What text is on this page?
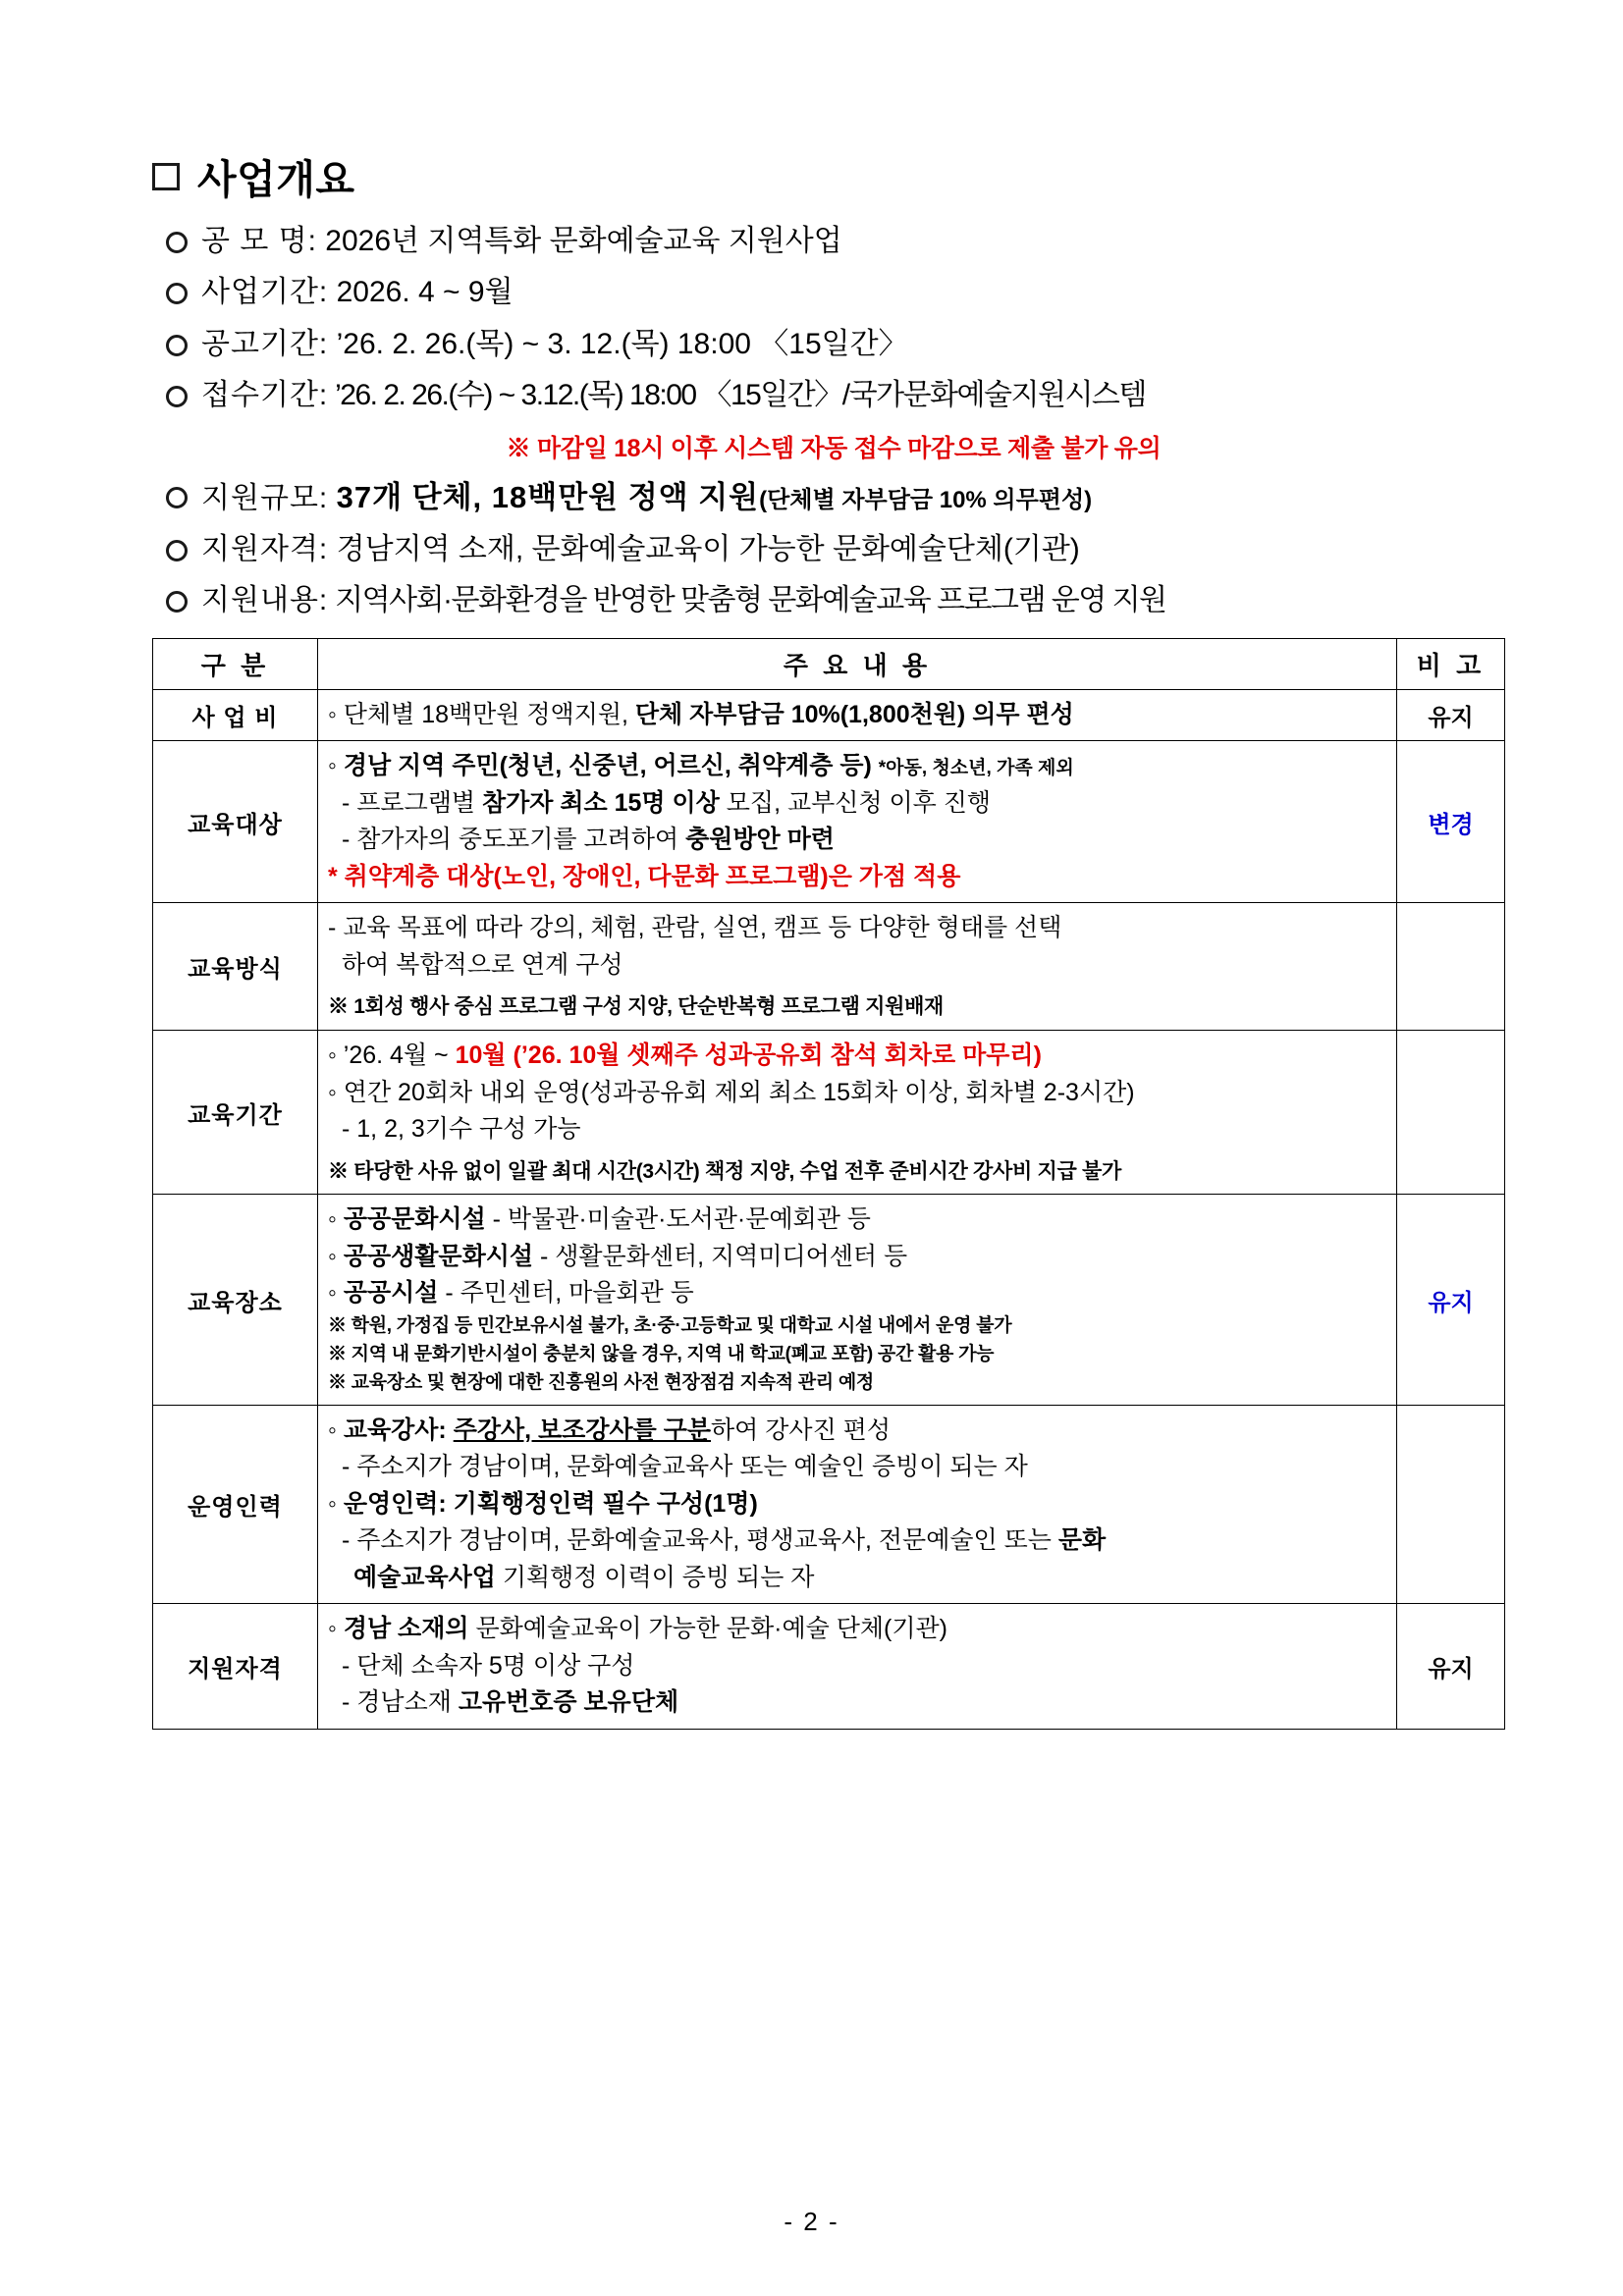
사업개요
공 모 명: 2026년 지역특화 문화예술교육 지원사업
사업기간: 2026. 4 ~ 9월
공고기간: ’26. 2. 26.(목) ~ 3. 12.(목) 18:00 〈15일간〉
접수기간: ’26. 2. 26.(수) ~ 3.12.(목) 18:00 〈15일간〉/국가문화예술지원시스템
※ 마감일 18시 이후 시스템 자동 접수 마감으로 제출 불가 유의
지원규모: 37개 단체, 18백만원 정액 지원(단체별 자부담금 10% 의무편성)
지원자격: 경남지역 소재, 문화예술교육이 가능한 문화예술단체(기관)
지원내용: 지역사회·문화환경을 반영한 맞춤형 문화예술교육 프로그램 운영 지원
구 분	주 요 내 용	비 고
사 업 비	◦ 단체별 18백만원 정액지원, 단체 자부담금 10%(1,800천원) 의무 편성	유지
교육대상	◦ 경남 지역 주민(청년, 신중년, 어르신, 취약계층 등) *아동, 청소년, 가족 제외
- 프로그램별 참가자 최소 15명 이상 모집, 교부신청 이후 진행
- 참가자의 중도포기를 고려하여 충원방안 마련
* 취약계층 대상(노인, 장애인, 다문화 프로그램)은 가점 적용	변경
교육방식	- 교육 목표에 따라 강의, 체험, 관람, 실연, 캠프 등 다양한 형태를 선택
하여 복합적으로 연계 구성
※ 1회성 행사 중심 프로그램 구성 지양, 단순반복형 프로그램 지원배재	

교육기간	◦ ’26. 4월 ~ 10월 (’26. 10월 셋째주 성과공유회 참석 회차로 마무리)
◦ 연간 20회차 내외 운영(성과공유회 제외 최소 15회차 이상, 회차별 2-3시간)
- 1, 2, 3기수 구성 가능
※ 타당한 사유 없이 일괄 최대 시간(3시간) 책정 지양, 수업 전후 준비시간 강사비 지급 불가	

교육장소	
◦ 공공문화시설 - 박물관·미술관·도서관·문예회관 등
◦ 공공생활문화시설 - 생활문화센터, 지역미디어센터 등
◦ 공공시설 - 주민센터, 마을회관 등
※ 학원, 가정집 등 민간보유시설 불가, 초·중·고등학교 및 대학교 시설 내에서 운영 불가
※ 지역 내 문화기반시설이 충분치 않을 경우, 지역 내 학교(폐교 포함) 공간 활용 가능
※ 교육장소 및 현장에 대한 진흥원의 사전 현장점검 지속적 관리 예정
	유지
운영인력	◦ 교육강사: 주강사, 보조강사를 구분하여 강사진 편성
- 주소지가 경남이며, 문화예술교육사 또는 예술인 증빙이 되는 자
◦ 운영인력: 기획행정인력 필수 구성(1명)
- 주소지가 경남이며, 문화예술교육사, 평생교육사, 전문예술인 또는 문화
예술교육사업 기획행정 이력이 증빙 되는 자	

지원자격	◦ 경남 소재의 문화예술교육이 가능한 문화·예술 단체(기관)
- 단체 소속자 5명 이상 구성
- 경남소재 고유번호증 보유단체	유지
- 2 -
